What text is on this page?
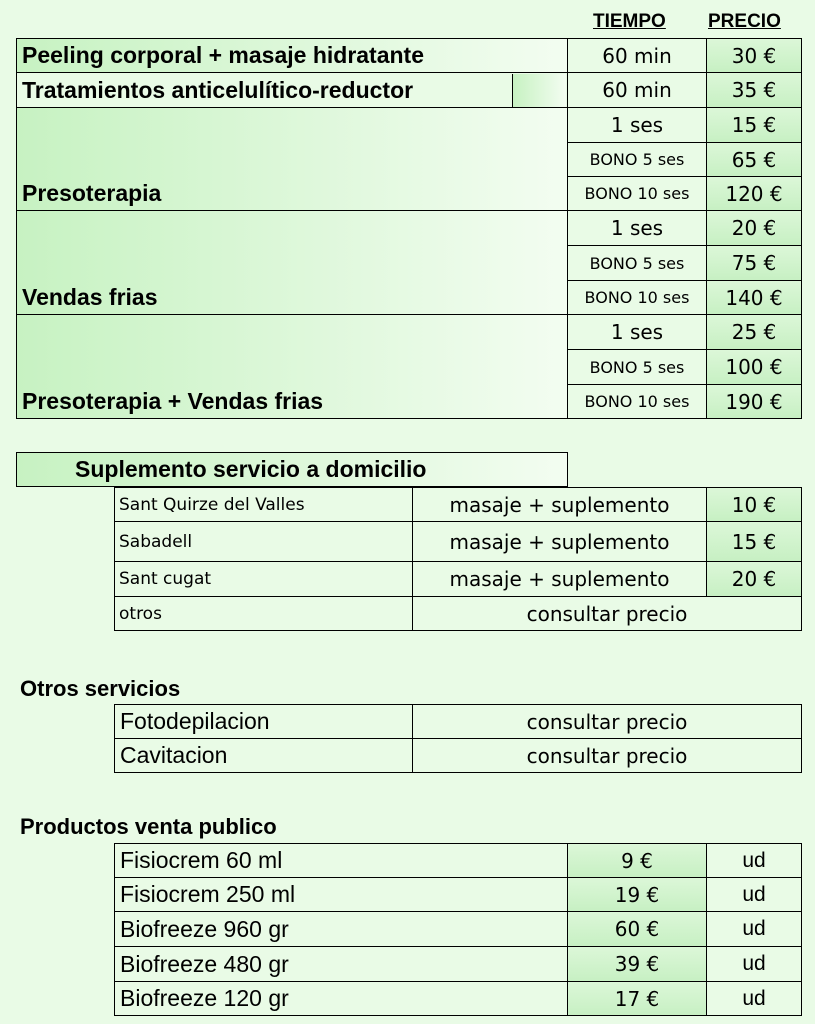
TIEMPO PRECIO
Peeling corporal + masaje hidratante	60 min	30 €
Tratamientos anticelulítico-reductor	60 min	35 €
Presoterapia
1 ses	15 €
BONO 5 ses	65 €
BONO 10 ses	120 €
Vendas frias
1 ses	20 €
BONO 5 ses	75 €
BONO 10 ses	140 €
Presoterapia + Vendas frias
1 ses	25 €
BONO 5 ses	100 €
BONO 10 ses	190 €
Suplemento servicio a domicilio
Sant Quirze del Valles	masaje + suplemento	10 €
Sabadell	masaje + suplemento	15 €
Sant cugat	masaje + suplemento	20 €
otros	consultar precio
Otros servicios
Fotodepilacion	consultar precio
Cavitacion	consultar precio
Productos venta publico
Fisiocrem 60 ml	9 €	ud
Fisiocrem 250 ml	19 €	ud
Biofreeze 960 gr	60 €	ud
Biofreeze 480 gr	39 €	ud
Biofreeze 120 gr	17 €	ud
